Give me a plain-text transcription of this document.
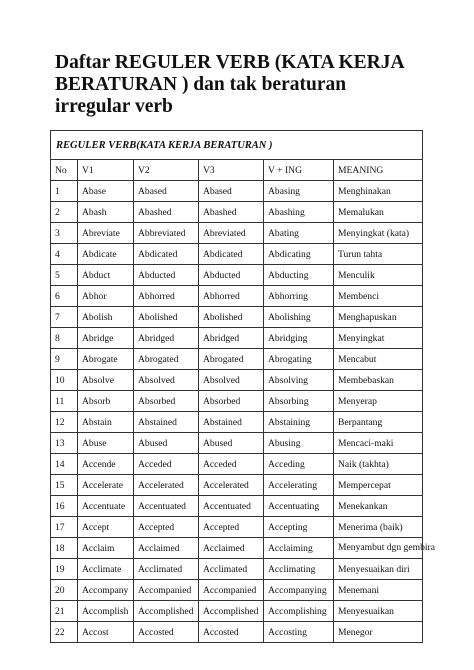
Daftar REGULER VERB (KATA KERJA
BERATURAN ) dan tak beraturan
irregular verb
REGULER VERB(KATA KERJA BERATURAN )					
No	V1	V2	V3	V + ING	MEANING
1	Abase	Abased	Abased	Abasing	Menghinakan
2	Abash	Abashed	Abashed	Abashing	Memalukan
3	Abreviate	Abbreviated	Abreviated	Abating	Menyingkat (kata)
4	Abdicate	Abdicated	Abdicated	Abdicating	Turun tahta
5	Abduct	Abducted	Abducted	Abducting	Menculik
6	Abhor	Abhorred	Abhorred	Abhorring	Membenci
7	Abolish	Abolished	Abolished	Abolishing	Menghapuskan
8	Abridge	Abridged	Abridged	Abridging	Menyingkat
9	Abrogate	Abrogated	Abrogated	Abrogating	Mencabut
10	Absolve	Absolved	Absolved	Absolving	Membebaskan
11	Absorb	Absorbed	Absorbed	Absorbing	Menyerap
12	Abstain	Abstained	Abstained	Abstaining	Berpantang
13	Abuse	Abused	Abused	Abusing	Mencaci-maki
14	Accende	Acceded	Acceded	Acceding	Naik (takhta)
15	Accelerate	Accelerated	Accelerated	Accelerating	Mempercepat
16	Accentuate	Accentuated	Accentuated	Accentuating	Menekankan
17	Accept	Accepted	Accepted	Accepting	Menerima (baik)
18	Acclaim	Acclaimed	Acclaimed	Acclaiming	Menyambut dgn gembira
19	Acclimate	Acclimated	Acclimated	Acclimating	Menyesuaikan diri
20	Accompany	Accompanied	Accompanied	Accompanying	Menemani
21	Accomplish	Accomplished	Accomplished	Accomplishing	Menyesuaikan
22	Accost	Accosted	Accosted	Accosting	Menegor
